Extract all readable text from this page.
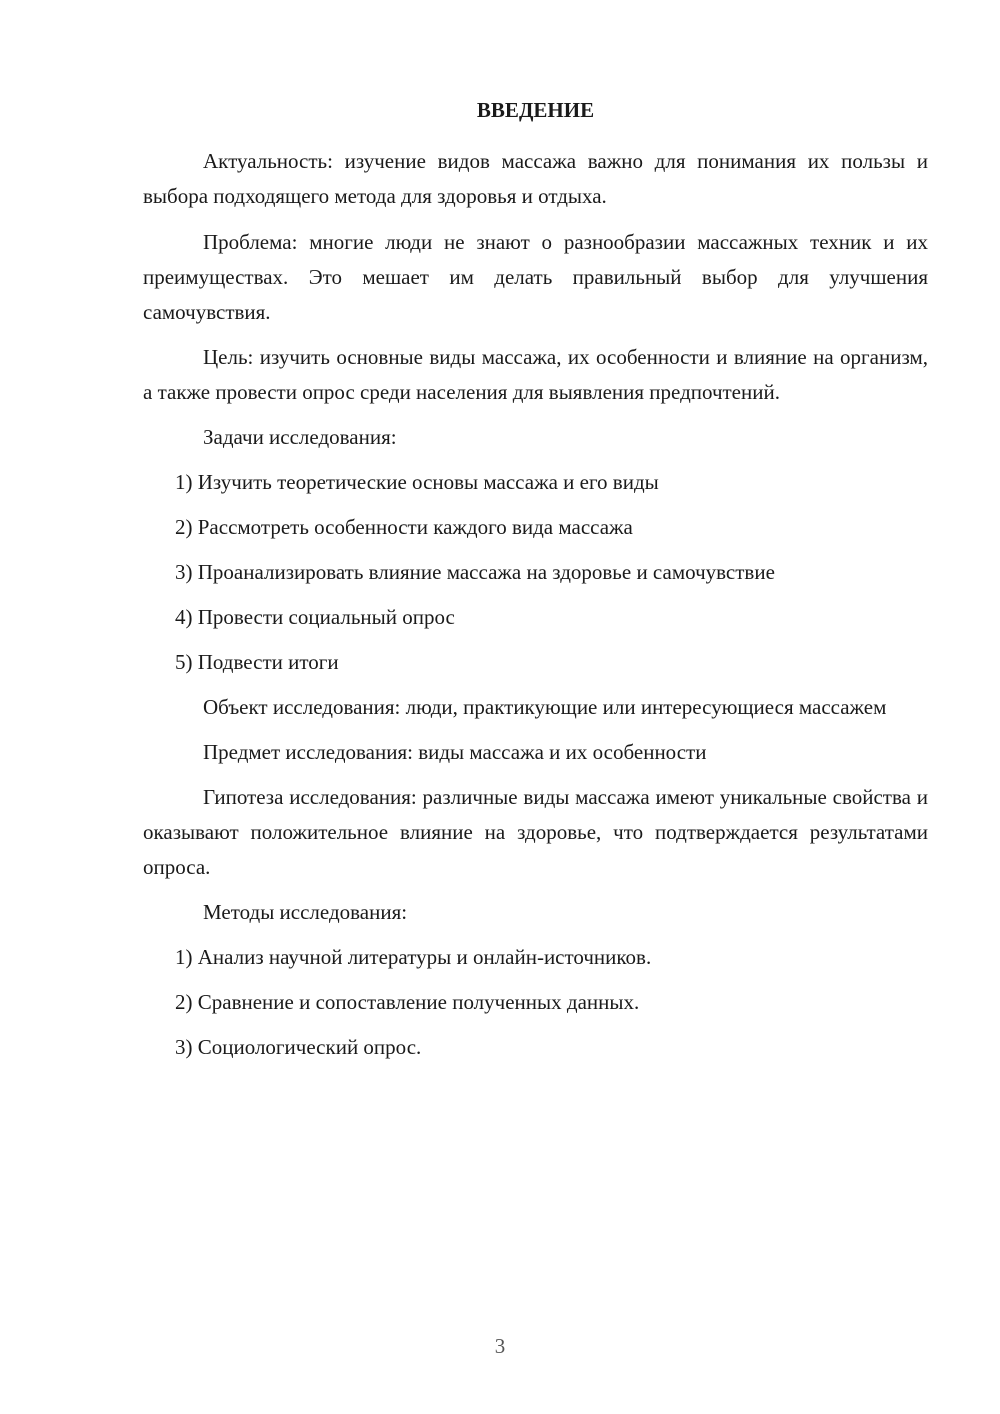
ВВЕДЕНИЕ

Актуальность: изучение видов массажа важно для понимания их пользы и выбора подходящего метода для здоровья и отдыха.

Проблема: многие люди не знают о разнообразии массажных техник и их преимуществах. Это мешает им делать правильный выбор для улучшения самочувствия.

Цель: изучить основные виды массажа, их особенности и влияние на организм, а также провести опрос среди населения для выявления предпочтений.

Задачи исследования:

1) Изучить теоретические основы массажа и его виды
2) Рассмотреть особенности каждого вида массажа
3) Проанализировать влияние массажа на здоровье и самочувствие
4) Провести социальный опрос
5) Подвести итоги

Объект исследования: люди, практикующие или интересующиеся массажем

Предмет исследования: виды массажа и их особенности

Гипотеза исследования: различные виды массажа имеют уникальные свойства и оказывают положительное влияние на здоровье, что подтверждается результатами опроса.

Методы исследования:

1) Анализ научной литературы и онлайн-источников.
2) Сравнение и сопоставление полученных данных.
3) Социологический опрос.
3
